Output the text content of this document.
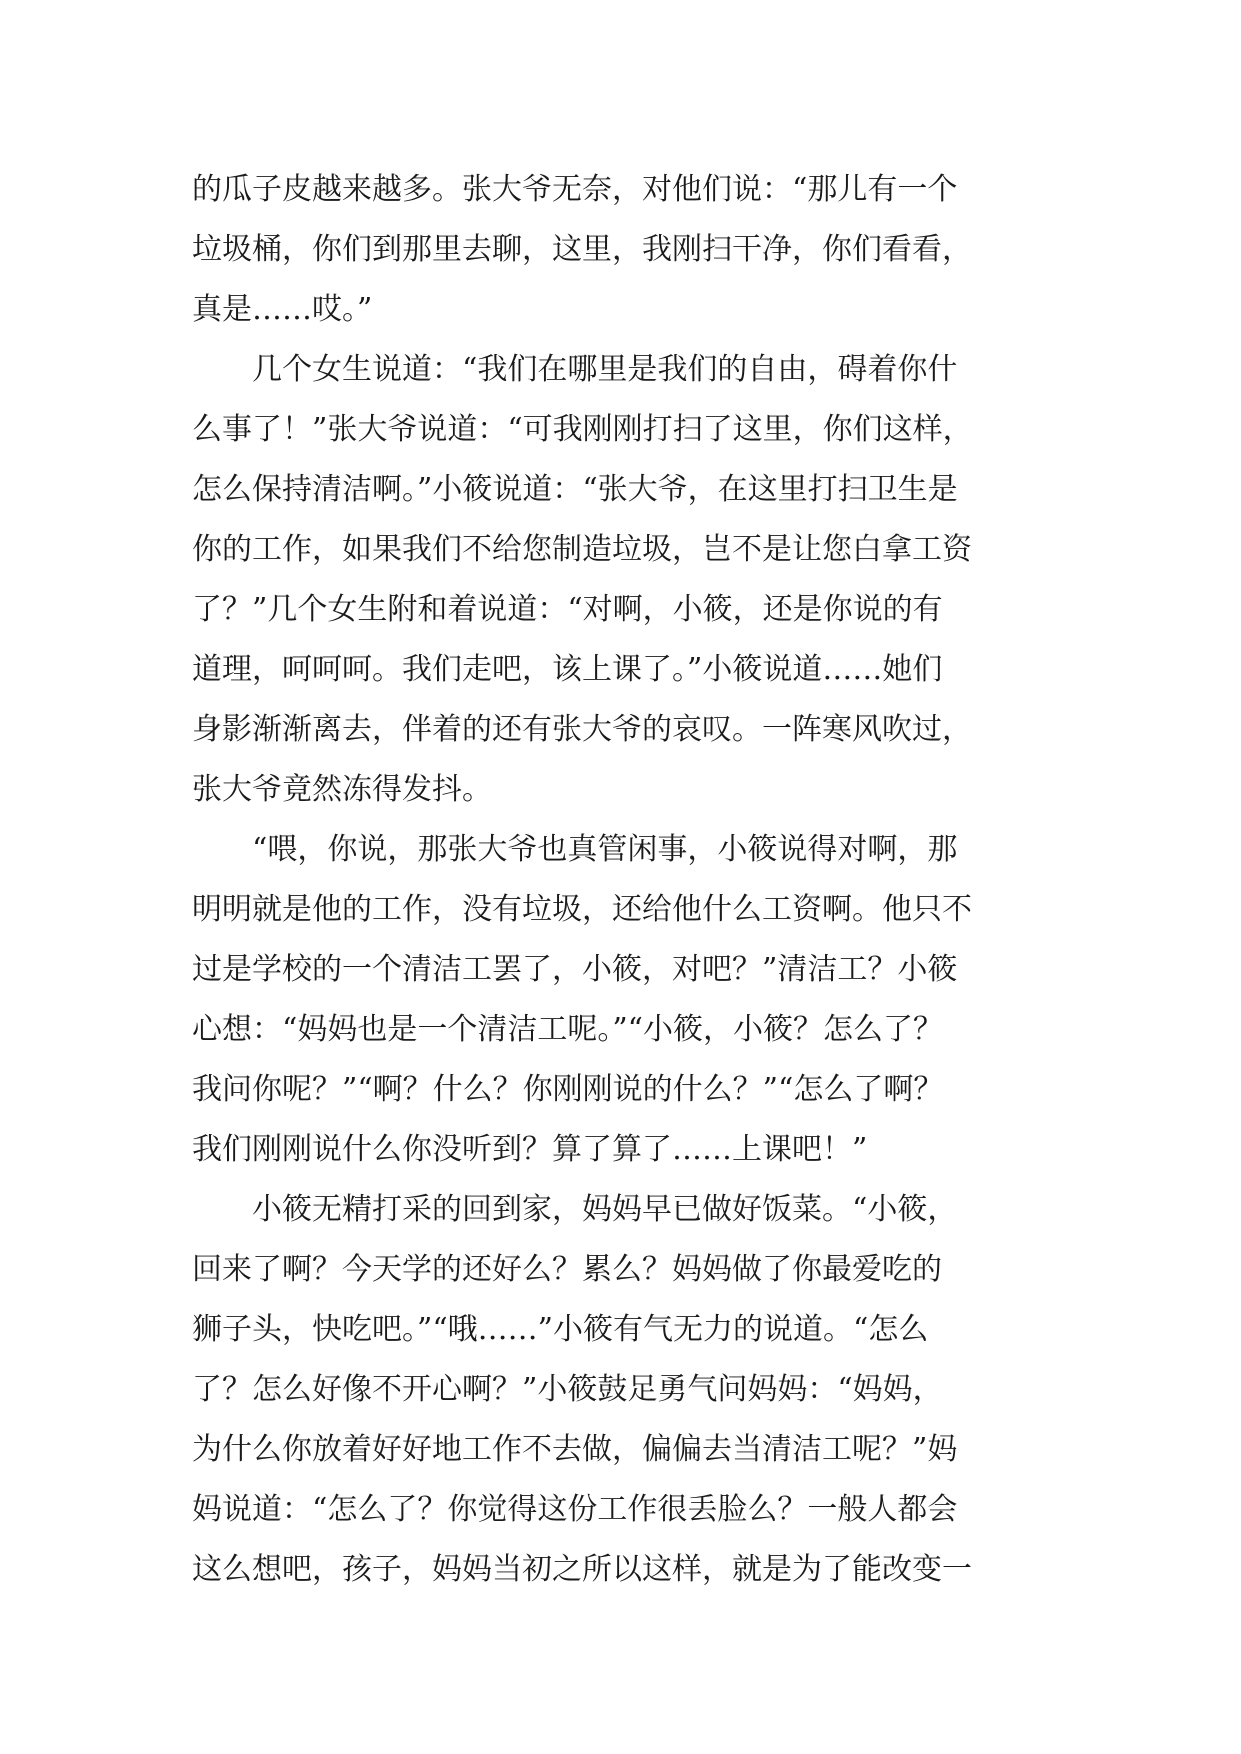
的瓜子皮越来越多。张大爷无奈，对他们说：“那儿有一个
垃圾桶，你们到那里去聊，这里，我刚扫干净，你们看看，
真是……哎。”
几个女生说道：“我们在哪里是我们的自由，碍着你什
么事了！”张大爷说道：“可我刚刚打扫了这里，你们这样，
怎么保持清洁啊。”小筱说道：“张大爷，在这里打扫卫生是
你的工作，如果我们不给您制造垃圾，岂不是让您白拿工资
了？”几个女生附和着说道：“对啊，小筱，还是你说的有
道理，呵呵呵。我们走吧，该上课了。”小筱说道……她们
身影渐渐离去，伴着的还有张大爷的哀叹。一阵寒风吹过，
张大爷竟然冻得发抖。
“喂，你说，那张大爷也真管闲事，小筱说得对啊，那
明明就是他的工作，没有垃圾，还给他什么工资啊。他只不
过是学校的一个清洁工罢了，小筱，对吧？”清洁工？小筱
心想：“妈妈也是一个清洁工呢。”“小筱，小筱？怎么了？
我问你呢？”“啊？什么？你刚刚说的什么？”“怎么了啊？
我们刚刚说什么你没听到？算了算了……上课吧！”
小筱无精打采的回到家，妈妈早已做好饭菜。“小筱，
回来了啊？今天学的还好么？累么？妈妈做了你最爱吃的
狮子头，快吃吧。”“哦……”小筱有气无力的说道。“怎么
了？怎么好像不开心啊？”小筱鼓足勇气问妈妈：“妈妈，
为什么你放着好好地工作不去做，偏偏去当清洁工呢？”妈
妈说道：“怎么了？你觉得这份工作很丢脸么？一般人都会
这么想吧，孩子，妈妈当初之所以这样，就是为了能改变一
